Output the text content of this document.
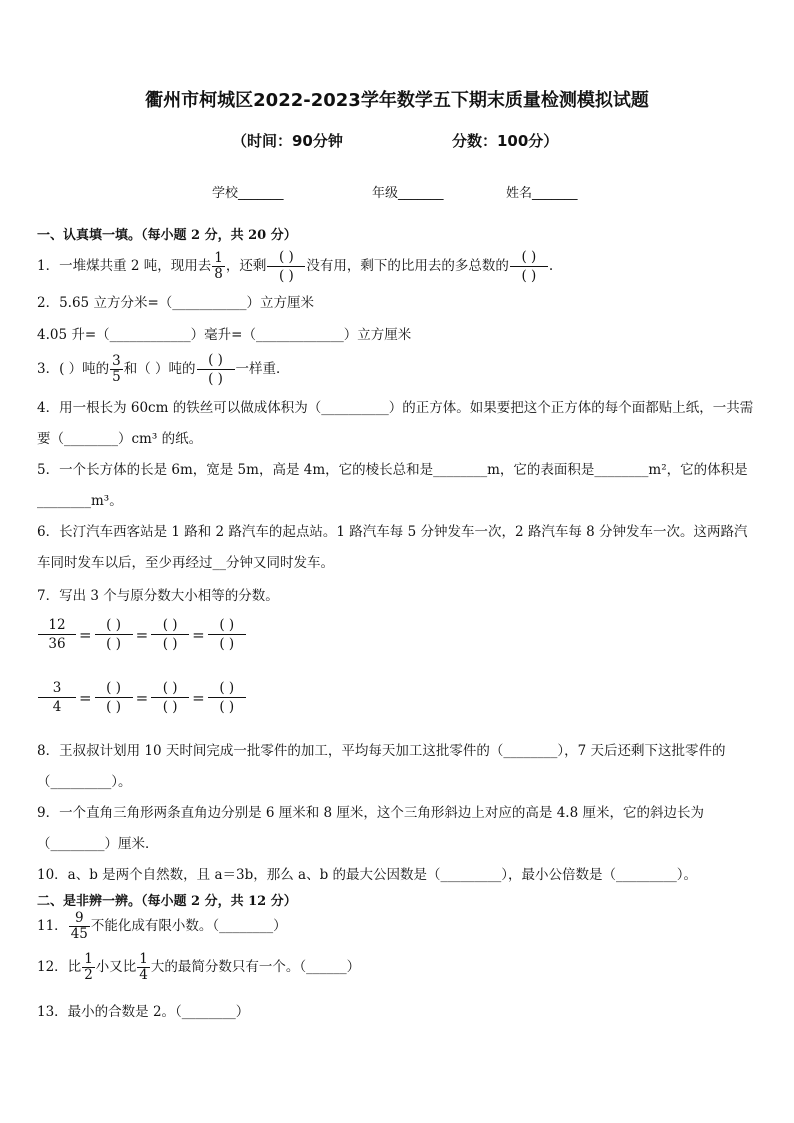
衢州市柯城区2022-2023学年数学五下期末质量检测模拟试题
（时间：90分钟	分数：100分）
学校_______	年级_______	姓名_______
一、认真填一填。（每小题 2 分，共 20 分）
1．一堆煤共重 2 吨，现用去 $\frac{1}{8}$ ，还剩 $\frac{( )}{( )}$ 没有用，剩下的比用去的多总数的 $\frac{( )}{( )}$ .
2．5.65 立方分米=（___________）立方厘米
4.05 升=（____________）毫升=（_____________）立方厘米
3．( ）吨的 $\frac{3}{5}$ 和（ ）吨的 $\frac{( )}{( )}$ 一样重．
4．用一根长为 60cm 的铁丝可以做成体积为（__________）的正方体。如果要把这个正方体的每个面都贴上纸，一共需
要（________）cm³ 的纸。
5．一个长方体的长是 6m，宽是 5m，高是 4m，它的棱长总和是________m，它的表面积是________m²，它的体积是
________m³。
6．长汀汽车西客站是 1 路和 2 路汽车的起点站。1 路汽车每 5 分钟发车一次，2 路汽车每 8 分钟发车一次。这两路汽
车同时发车以后，至少再经过__分钟又同时发车。
7．写出 3 个与原分数大小相等的分数。
$\frac{12}{36} = \frac{( )}{( )} = \frac{( )}{( )} = \frac{( )}{( )}$
$\frac{3}{4} = \frac{( )}{( )} = \frac{( )}{( )} = \frac{( )}{( )}$
8．王叔叔计划用 10 天时间完成一批零件的加工，平均每天加工这批零件的（________），7 天后还剩下这批零件的
（_________）。
9．一个直角三角形两条直角边分别是 6 厘米和 8 厘米，这个三角形斜边上对应的高是 4.8 厘米，它的斜边长为
（________）厘米．
10．a、b 是两个自然数，且 a＝3b，那么 a、b 的最大公因数是（_________），最小公倍数是（_________）。
二、是非辨一辨。（每小题 2 分，共 12 分）
11． $\frac{9}{45}$ 不能化成有限小数。（________）
12．比 $\frac{1}{2}$ 小又比 $\frac{1}{4}$ 大的最简分数只有一个。（______）
13．最小的合数是 2。（________）
